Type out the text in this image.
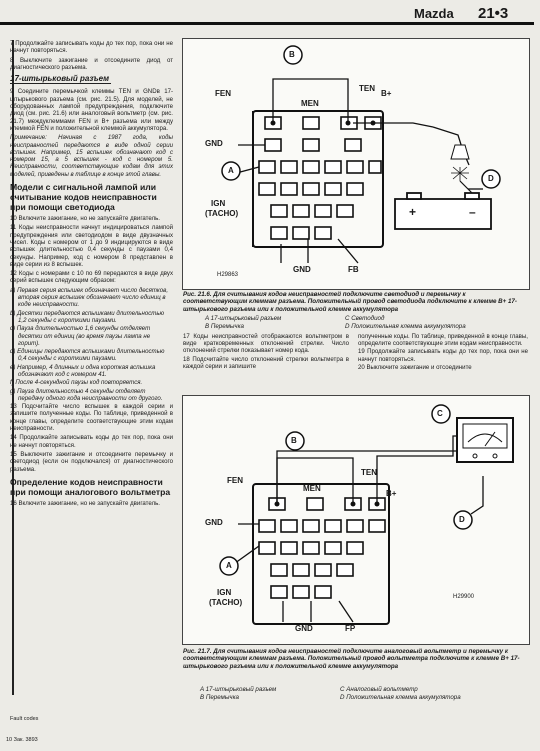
Mazda 21•3

7 Продолжайте записывать коды до тех пор, пока они не начнут повторяться.

8 Выключите зажигание и отсоедините диод от диагностического разъема.

17-штырьковый разъем

9 Соедините перемычкой клеммы TEN и GNDв 17-штырькового разъема (см. рис. 21.5). Для моделей, не оборудованных лампой предупреждения, подключите диод (см. рис. 21.6) или аналоговый вольтметр (см. рис. 21.7) междуклеммами FEN и B+ разъема или между клеммой FEN и положительной клеммой аккумулятора.

Примечание: Начиная с 1987 года, коды неисправностей передаются в виде одной серии вспышек. Например, 15 вспышек обозначают код с номером 15, а 5 вспышек - код с номером 5. Неисправности, соответствующие кодам для этих моделей, приведены в таблице в конце этой главы.

Модели с сигнальной лампой или считывание кодов неисправности при помощи светодиода

10 Включите зажигание, но не запускайте двигатель.

11 Коды неисправности начнут индицироваться лампой предупреждения или светодиодом в виде двузначных чисел. Коды с номером от 1 до 9 индицируются в виде вспышек длительностью 0,4 секунды с паузами 0,4 секунды. Например, код с номером 8 представлен в виде серии из 8 вспышек.

12 Коды с номерами с 10 по 69 передаются в виде двух серий вспышек следующим образом:

a) Первая серия вспышек обозначает число десятков, вторая серия вспышек обозначает число единиц в коде неисправности.
b) Десятки передаются вспышками длительностью 1,2 секунды с короткими паузами.
c) Пауза длительностью 1,6 секунды отделяет десятки от единиц (во время паузы лампа не горит).
d) Единицы передаются вспышками длительностью 0,4 секунды с короткими паузами.
e) Например, 4 длинных и одна короткая вспышка обозначают код с номером 41.
f) После 4-секундной паузы код повторяется.
g) Пауза длительностью 4 секунды отделяет передачу одного кода неисправности от другого.

13 Подсчитайте число вспышек в каждой серии и запишите полученные коды. По таблице, приведенной в конце главы, определите соответствующие этим кодам неисправности.

14 Продолжайте записывать коды до тех пор, пока они не начнут повторяться.

15 Выключите зажигание и отсоедините перемычку и светодиод (если он подключался) от диагностического разъема.

Определение кодов неисправности при помощи аналогового вольтметра

16 Включите зажигание, но не запускайте двигатель.

B
FEN
MEN
TEN
B+
GND
A
IGN
(TACHO)
GND	FB
D
+	–
H29863
Рис. 21.6. Для считывания кодов неисправностей подключите светодиод и перемычку к соответствующим клеммам разъема. Положительный провод светодиода подключите к клемме B+ 17-штырькового разъема или к положительной клемме аккумулятора
A 17-штырьковый разъем	C Светодиод
B Перемычка	D Положительная клемма аккумулятора

17 Коды неисправностей отображаются вольтметром в виде кратковременных отклонений стрелки. Число отклонений стрелки показывает номер кода.

18 Подсчитайте число отклонений стрелки вольтметра в каждой серии и запишите

полученные коды. По таблице, приведенной в конце главы, определите соответствующие этим кодам неисправности.

19 Продолжайте записывать коды до тех пор, пока они не начнут повторяться.

20 Выключите зажигание и отсоедините

C
B
FEN
MEN
TEN
B+
GND
A
IGN
(TACHO)
GND	FP
D
H29900
Рис. 21.7. Для считывания кодов неисправностей подключите аналоговый вольтметр и перемычку к соответствующим клеммам разъема. Положительный провод вольтметра подключите к клемме B+ 17-штырькового разъема или к положительной клемме аккумулятора
A 17-штырьковый разъем	C Аналоговый вольтметр
B Перемычка	D Положительная клемма аккумулятора
Fault codes
10 Зак. 3893
